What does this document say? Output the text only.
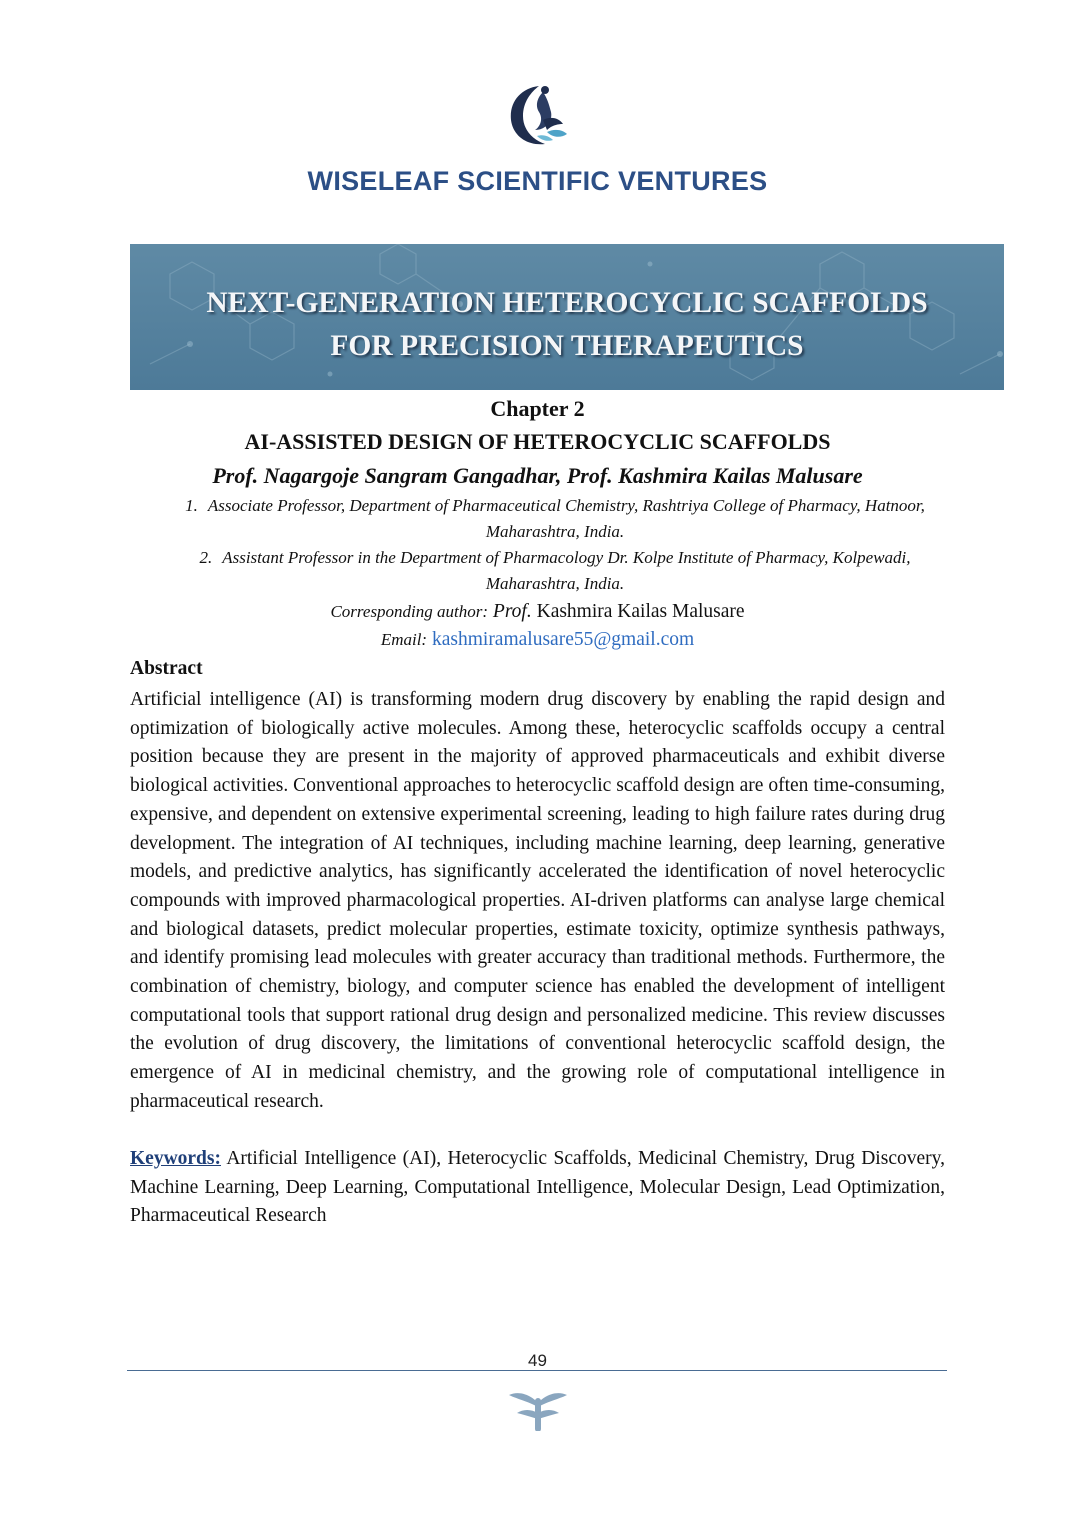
WISELEAF SCIENTIFIC VENTURES
NEXT-GENERATION HETEROCYCLIC SCAFFOLDS
FOR PRECISION THERAPEUTICS
Chapter 2
AI-ASSISTED DESIGN OF HETEROCYCLIC SCAFFOLDS
Prof. Nagargoje Sangram Gangadhar, Prof. Kashmira Kailas Malusare
1. Associate Professor, Department of Pharmaceutical Chemistry, Rashtriya College of Pharmacy, Hatnoor, Maharashtra, India.
2. Assistant Professor in the Department of Pharmacology Dr. Kolpe Institute of Pharmacy, Kolpewadi, Maharashtra, India.
Corresponding author: Prof. Kashmira Kailas Malusare
Email: kashmiramalusare55@gmail.com
Abstract
Artificial intelligence (AI) is transforming modern drug discovery by enabling the rapid design and optimization of biologically active molecules. Among these, heterocyclic scaffolds occupy a central position because they are present in the majority of approved pharmaceuticals and exhibit diverse biological activities. Conventional approaches to heterocyclic scaffold design are often time-consuming, expensive, and dependent on extensive experimental screening, leading to high failure rates during drug development. The integration of AI techniques, including machine learning, deep learning, generative models, and predictive analytics, has significantly accelerated the identification of novel heterocyclic compounds with improved pharmacological properties. AI-driven platforms can analyse large chemical and biological datasets, predict molecular properties, estimate toxicity, optimize synthesis pathways, and identify promising lead molecules with greater accuracy than traditional methods. Furthermore, the combination of chemistry, biology, and computer science has enabled the development of intelligent computational tools that support rational drug design and personalized medicine. This review discusses the evolution of drug discovery, the limitations of conventional heterocyclic scaffold design, the emergence of AI in medicinal chemistry, and the growing role of computational intelligence in pharmaceutical research.
Keywords: Artificial Intelligence (AI), Heterocyclic Scaffolds, Medicinal Chemistry, Drug Discovery, Machine Learning, Deep Learning, Computational Intelligence, Molecular Design, Lead Optimization, Pharmaceutical Research
49
